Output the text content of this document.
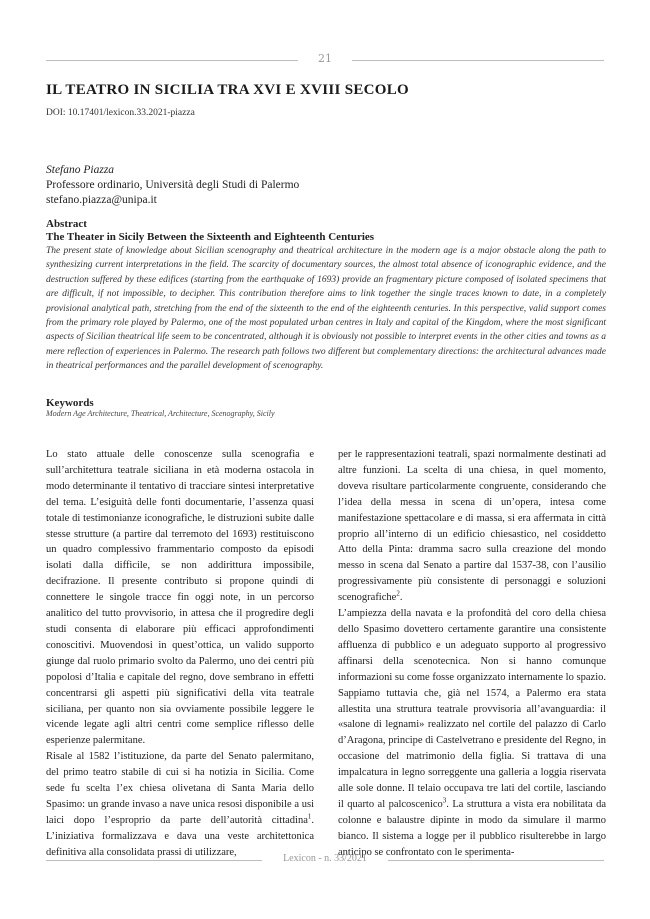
21
IL TEATRO IN SICILIA TRA XVI E XVIII SECOLO
DOI: 10.17401/lexicon.33.2021-piazza
Stefano Piazza
Professore ordinario, Università degli Studi di Palermo
stefano.piazza@unipa.it
Abstract
The Theater in Sicily Between the Sixteenth and Eighteenth Centuries

The present state of knowledge about Sicilian scenography and theatrical architecture in the modern age is a major obstacle along the path to synthesizing current interpretations in the field. The scarcity of documentary sources, the almost total absence of iconographic evidence, and the destruction suffered by these edifices (starting from the earthquake of 1693) provide an fragmentary picture composed of isolated specimens that are difficult, if not impossible, to decipher. This contribution therefore aims to link together the single traces known to date, in a completely provisional analytical path, stretching from the end of the sixteenth to the end of the eighteenth centuries. In this perspective, valid support comes from the primary role played by Palermo, one of the most populated urban centres in Italy and capital of the Kingdom, where the most significant aspects of Sicilian theatrical life seem to be concentrated, although it is obviously not possible to interpret events in the other cities and towns as a mere reflection of experiences in Palermo. The research path follows two different but complementary directions: the architectural advances made in theatrical performances and the parallel development of scenography.

Keywords

Modern Age Architecture, Theatrical, Architecture, Scenography, Sicily

Lo stato attuale delle conoscenze sulla scenografia e sull’architettura teatrale siciliana in età moderna ostacola in modo determinante il tentativo di tracciare sintesi interpretative del tema. L’esiguità delle fonti documentarie, l’assenza quasi totale di testimonianze iconografiche, le distruzioni subite dalle stesse strutture (a partire dal terremoto del 1693) restituiscono un quadro complessivo frammentario composto da episodi isolati dalla difficile, se non addirittura impossibile, decifrazione. Il presente contributo si propone quindi di connettere le singole tracce fin oggi note, in un percorso analitico del tutto provvisorio, in attesa che il progredire degli studi consenta di elaborare più efficaci approfondimenti conoscitivi. Muovendosi in quest’ottica, un valido supporto giunge dal ruolo primario svolto da Palermo, uno dei centri più popolosi d’Italia e capitale del regno, dove sembrano in effetti concentrarsi gli aspetti più significativi della vita teatrale siciliana, per quanto non sia ovviamente possibile leggere le vicende legate agli altri centri come semplice riflesso delle esperienze palermitane.

Risale al 1582 l’istituzione, da parte del Senato palermitano, del primo teatro stabile di cui si ha notizia in Sicilia. Come sede fu scelta l’ex chiesa olivetana di Santa Maria dello Spasimo: un grande invaso a nave unica resosi disponibile a usi laici dopo l’esproprio da parte dell’autorità cittadina$^1$. L’iniziativa formalizzava e dava una veste architettonica definitiva alla consolidata prassi di utilizzare,

per le rappresentazioni teatrali, spazi normalmente destinati ad altre funzioni. La scelta di una chiesa, in quel momento, doveva risultare particolarmente congruente, considerando che l’idea della messa in scena di un’opera, intesa come manifestazione spettacolare e di massa, si era affermata in città proprio all’interno di un edificio chiesastico, nel cosiddetto Atto della Pinta: dramma sacro sulla creazione del mondo messo in scena dal Senato a partire dal 1537-38, con l’ausilio progressivamente più consistente di personaggi e soluzioni scenografiche$^2$.

L’ampiezza della navata e la profondità del coro della chiesa dello Spasimo dovettero certamente garantire una consistente affluenza di pubblico e un adeguato supporto al progressivo affinarsi della scenotecnica. Non si hanno comunque informazioni su come fosse organizzato internamente lo spazio. Sappiamo tuttavia che, già nel 1574, a Palermo era stata allestita una struttura teatrale provvisoria all’avanguardia: il «salone di legnami» realizzato nel cortile del palazzo di Carlo d’Aragona, principe di Castelvetrano e presidente del Regno, in occasione del matrimonio della figlia. Si trattava di una impalcatura in legno sorreggente una galleria a loggia riservata alle sole donne. Il telaio occupava tre lati del cortile, lasciando il quarto al palcoscenico$^3$. La struttura a vista era nobilitata da colonne e balaustre dipinte in modo da simulare il marmo bianco. Il sistema a logge per il pubblico risulterebbe in largo anticipo se confrontato con le sperimenta-

Lexicon - n. 33/2021
